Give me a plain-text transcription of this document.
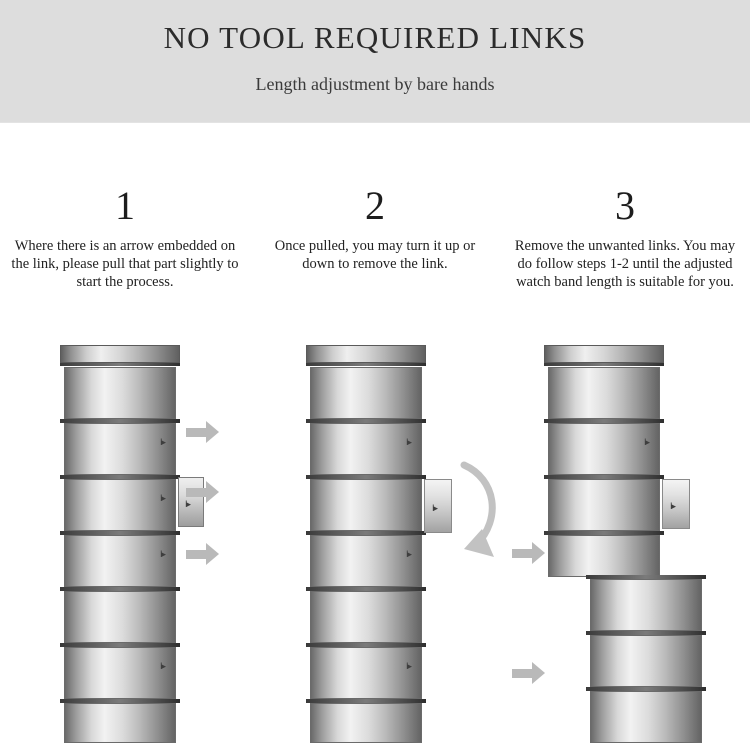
NO TOOL REQUIRED LINKS
Length adjustment by bare hands
1
Where there is an arrow embedded on the link, please pull that part slightly to start the process.
I▸
I▸
I▸
I▸
I▸
2
Once pulled, you may turn it up or down to remove the link.
I▸
I▸
I▸
I▸
3
Remove the unwanted links. You may do follow steps 1-2 until the adjusted watch band length is suitable for you.
I▸
I▸
